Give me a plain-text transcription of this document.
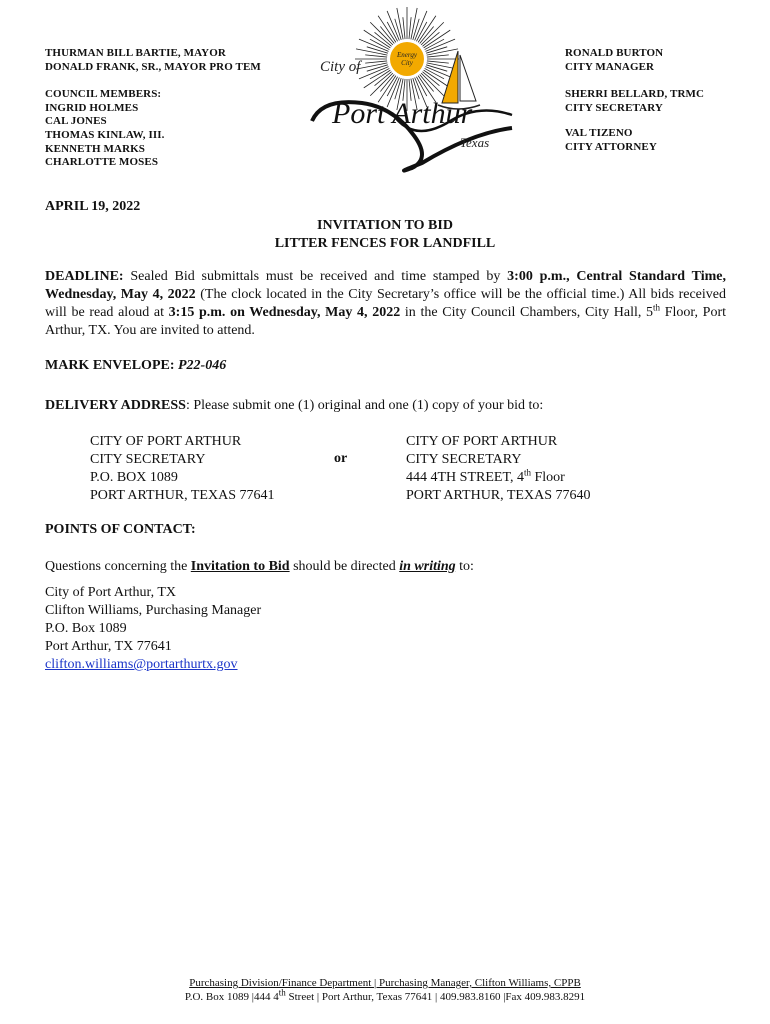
THURMAN BILL BARTIE, MAYOR
DONALD FRANK, SR., MAYOR PRO TEM
COUNCIL MEMBERS:
INGRID HOLMES
CAL JONES
THOMAS KINLAW, III.
KENNETH MARKS
CHARLOTTE MOSES
RONALD BURTON
CITY MANAGER
SHERRI BELLARD, TRMC
CITY SECRETARY
VAL TIZENO
CITY ATTORNEY
Energy
City
City of
Port Arthur
Texas
APRIL 19, 2022
INVITATION TO BID
LITTER FENCES FOR LANDFILL
DEADLINE: Sealed Bid submittals must be received and time stamped by 3:00 p.m., Central Standard Time, Wednesday, May 4, 2022 (The clock located in the City Secretary’s office will be the official time.) All bids received will be read aloud at 3:15 p.m. on Wednesday, May 4, 2022 in the City Council Chambers, City Hall, 5th Floor, Port Arthur, TX. You are invited to attend.
MARK ENVELOPE: P22-046
DELIVERY ADDRESS: Please submit one (1) original and one (1) copy of your bid to:
CITY OF PORT ARTHUR
CITY SECRETARY
P.O. BOX 1089
PORT ARTHUR, TEXAS 77641
or
CITY OF PORT ARTHUR
CITY SECRETARY
444 4TH STREET, 4th Floor
PORT ARTHUR, TEXAS 77640
POINTS OF CONTACT:
Questions concerning the Invitation to Bid should be directed in writing to:
City of Port Arthur, TX
Clifton Williams, Purchasing Manager
P.O. Box 1089
Port Arthur, TX 77641
clifton.williams@portarthurtx.gov
Purchasing Division/Finance Department | Purchasing Manager, Clifton Williams, CPPB
P.O. Box 1089 |444 4th Street | Port Arthur, Texas 77641 | 409.983.8160 |Fax 409.983.8291
